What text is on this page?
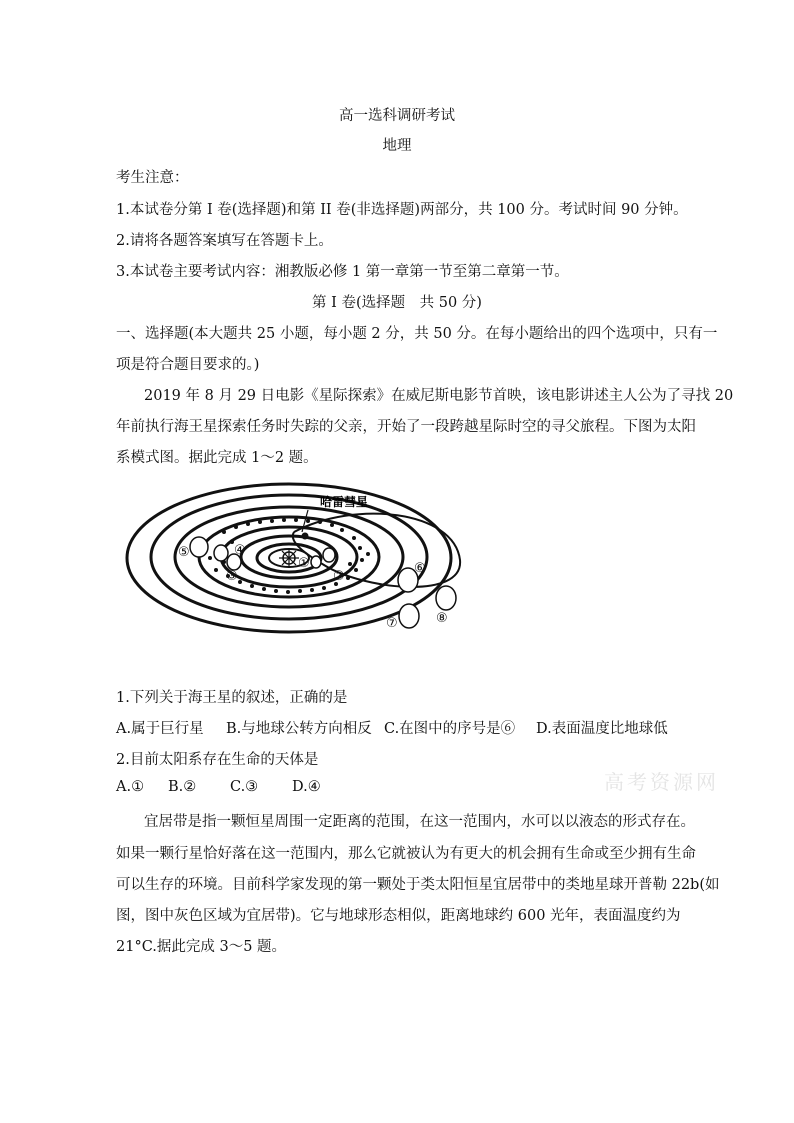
高一选科调研考试
地理
考生注意：
1.本试卷分第 I 卷(选择题)和第 II 卷(非选择题)两部分，共 100 分。考试时间 90 分钟。
2.请将各题答案填写在答题卡上。
3.本试卷主要考试内容：湘教版必修 1 第一章第一节至第二章第一节。
第 I 卷(选择题　共 50 分)
一、选择题(本大题共 25 小题，每小题 2 分，共 50 分。在每小题给出的四个选项中，只有一
项是符合题目要求的。)
2019 年 8 月 29 日电影《星际探索》在威尼斯电影节首映，该电影讲述主人公为了寻找 20
年前执行海王星探索任务时失踪的父亲，开始了一段跨越星际时空的寻父旅程。下图为太阳
系模式图。据此完成 1～2 题。
哈雷彗星
①
②
③
④
⑤
⑥
⑦	⑧
1.下列关于海王星的叙述，正确的是
A.属于巨行星 B.与地球公转方向相反 C.在图中的序号是⑥ D.表面温度比地球低
2.目前太阳系存在生命的天体是
A.① B.② C.③ D.④	高考资源网
宜居带是指一颗恒星周围一定距离的范围，在这一范围内，水可以以液态的形式存在。
如果一颗行星恰好落在这一范围内，那么它就被认为有更大的机会拥有生命或至少拥有生命
可以生存的环境。目前科学家发现的第一颗处于类太阳恒星宜居带中的类地星球开普勒 22b(如
图，图中灰色区域为宜居带)。它与地球形态相似，距离地球约 600 光年，表面温度约为
21°C.据此完成 3～5 题。
